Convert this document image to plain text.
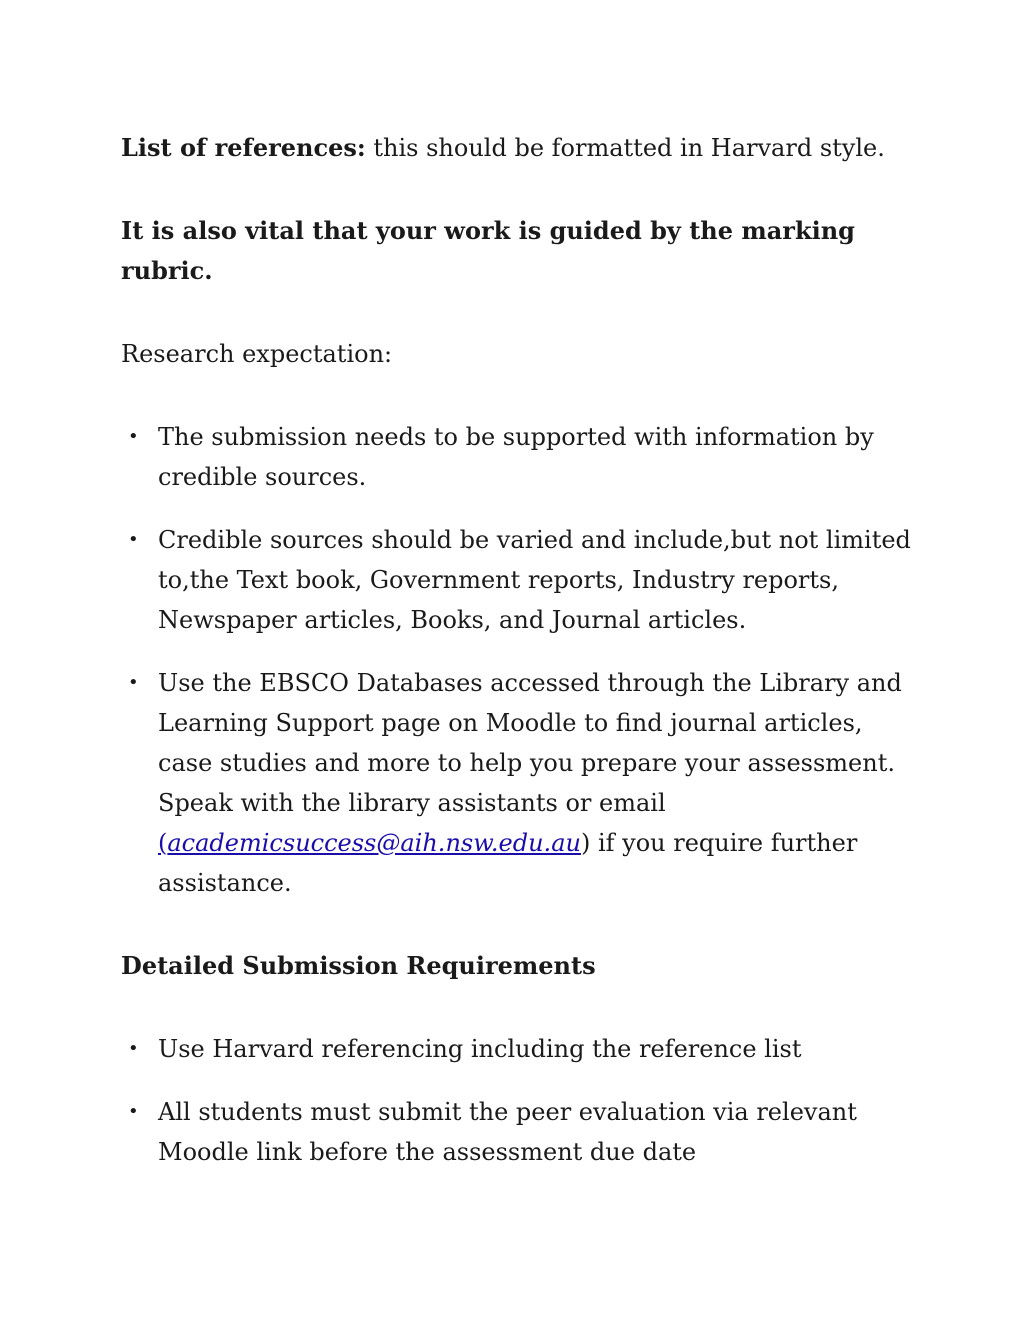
List of references: this should be formatted in Harvard style.

It is also vital that your work is guided by the marking rubric.

Research expectation:

• The submission needs to be supported with information by credible sources.
• Credible sources should be varied and include,but not limited to,the Text book, Government reports, Industry reports, Newspaper articles, Books, and Journal articles.
• Use the EBSCO Databases accessed through the Library and Learning Support page on Moodle to find journal articles, case studies and more to help you prepare your assessment. Speak with the library assistants or email (academicsuccess@aih.nsw.edu.au) if you require further assistance.

Detailed Submission Requirements

• Use Harvard referencing including the reference list
• All students must submit the peer evaluation via relevant Moodle link before the assessment due date
